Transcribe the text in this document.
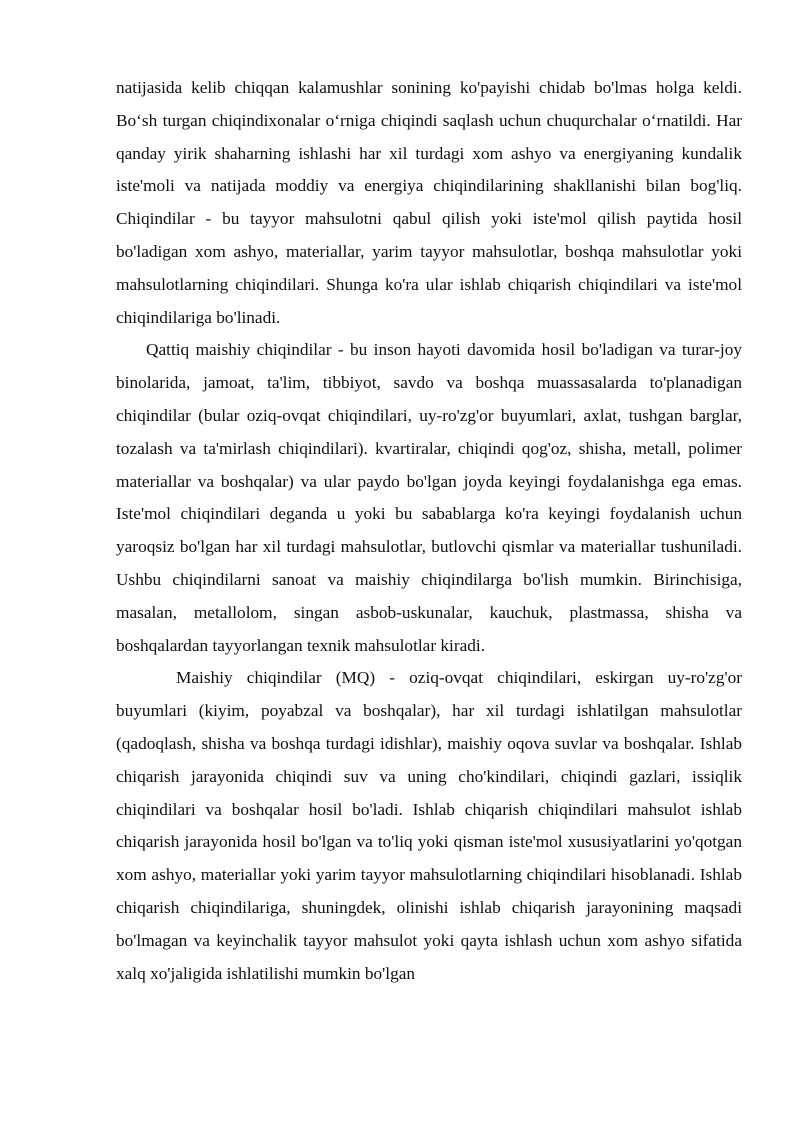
natijasida kelib chiqqan kalamushlar sonining ko'payishi chidab bo'lmas holga keldi. Bo‘sh turgan chiqindixonalar o‘rniga chiqindi saqlash uchun chuqurchalar o‘rnatildi. Har qanday yirik shaharning ishlashi har xil turdagi xom ashyo va energiyaning kundalik iste'moli va natijada moddiy va energiya chiqindilarining shakllanishi bilan bog'liq. Chiqindilar - bu tayyor mahsulotni qabul qilish yoki iste'mol qilish paytida hosil bo'ladigan xom ashyo, materiallar, yarim tayyor mahsulotlar, boshqa mahsulotlar yoki mahsulotlarning chiqindilari. Shunga ko'ra ular ishlab chiqarish chiqindilari va iste'mol chiqindilariga bo'linadi.

Qattiq maishiy chiqindilar - bu inson hayoti davomida hosil bo'ladigan va turar-joy binolarida, jamoat, ta'lim, tibbiyot, savdo va boshqa muassasalarda to'planadigan chiqindilar (bular oziq-ovqat chiqindilari, uy-ro'zg'or buyumlari, axlat, tushgan barglar, tozalash va ta'mirlash chiqindilari). kvartiralar, chiqindi qog'oz, shisha, metall, polimer materiallar va boshqalar) va ular paydo bo'lgan joyda keyingi foydalanishga ega emas. Iste'mol chiqindilari deganda u yoki bu sabablarga ko'ra keyingi foydalanish uchun yaroqsiz bo'lgan har xil turdagi mahsulotlar, butlovchi qismlar va materiallar tushuniladi. Ushbu chiqindilarni sanoat va maishiy chiqindilarga bo'lish mumkin. Birinchisiga, masalan, metallolom, singan asbob-uskunalar, kauchuk, plastmassa, shisha va boshqalardan tayyorlangan texnik mahsulotlar kiradi.

Maishiy chiqindilar (MQ) - oziq-ovqat chiqindilari, eskirgan uy-ro'zg'or buyumlari (kiyim, poyabzal va boshqalar), har xil turdagi ishlatilgan mahsulotlar (qadoqlash, shisha va boshqa turdagi idishlar), maishiy oqova suvlar va boshqalar. Ishlab chiqarish jarayonida chiqindi suv va uning cho'kindilari, chiqindi gazlari, issiqlik chiqindilari va boshqalar hosil bo'ladi. Ishlab chiqarish chiqindilari mahsulot ishlab chiqarish jarayonida hosil bo'lgan va to'liq yoki qisman iste'mol xususiyatlarini yo'qotgan xom ashyo, materiallar yoki yarim tayyor mahsulotlarning chiqindilari hisoblanadi. Ishlab chiqarish chiqindilariga, shuningdek, olinishi ishlab chiqarish jarayonining maqsadi bo'lmagan va keyinchalik tayyor mahsulot yoki qayta ishlash uchun xom ashyo sifatida xalq xo'jaligida ishlatilishi mumkin bo'lgan
